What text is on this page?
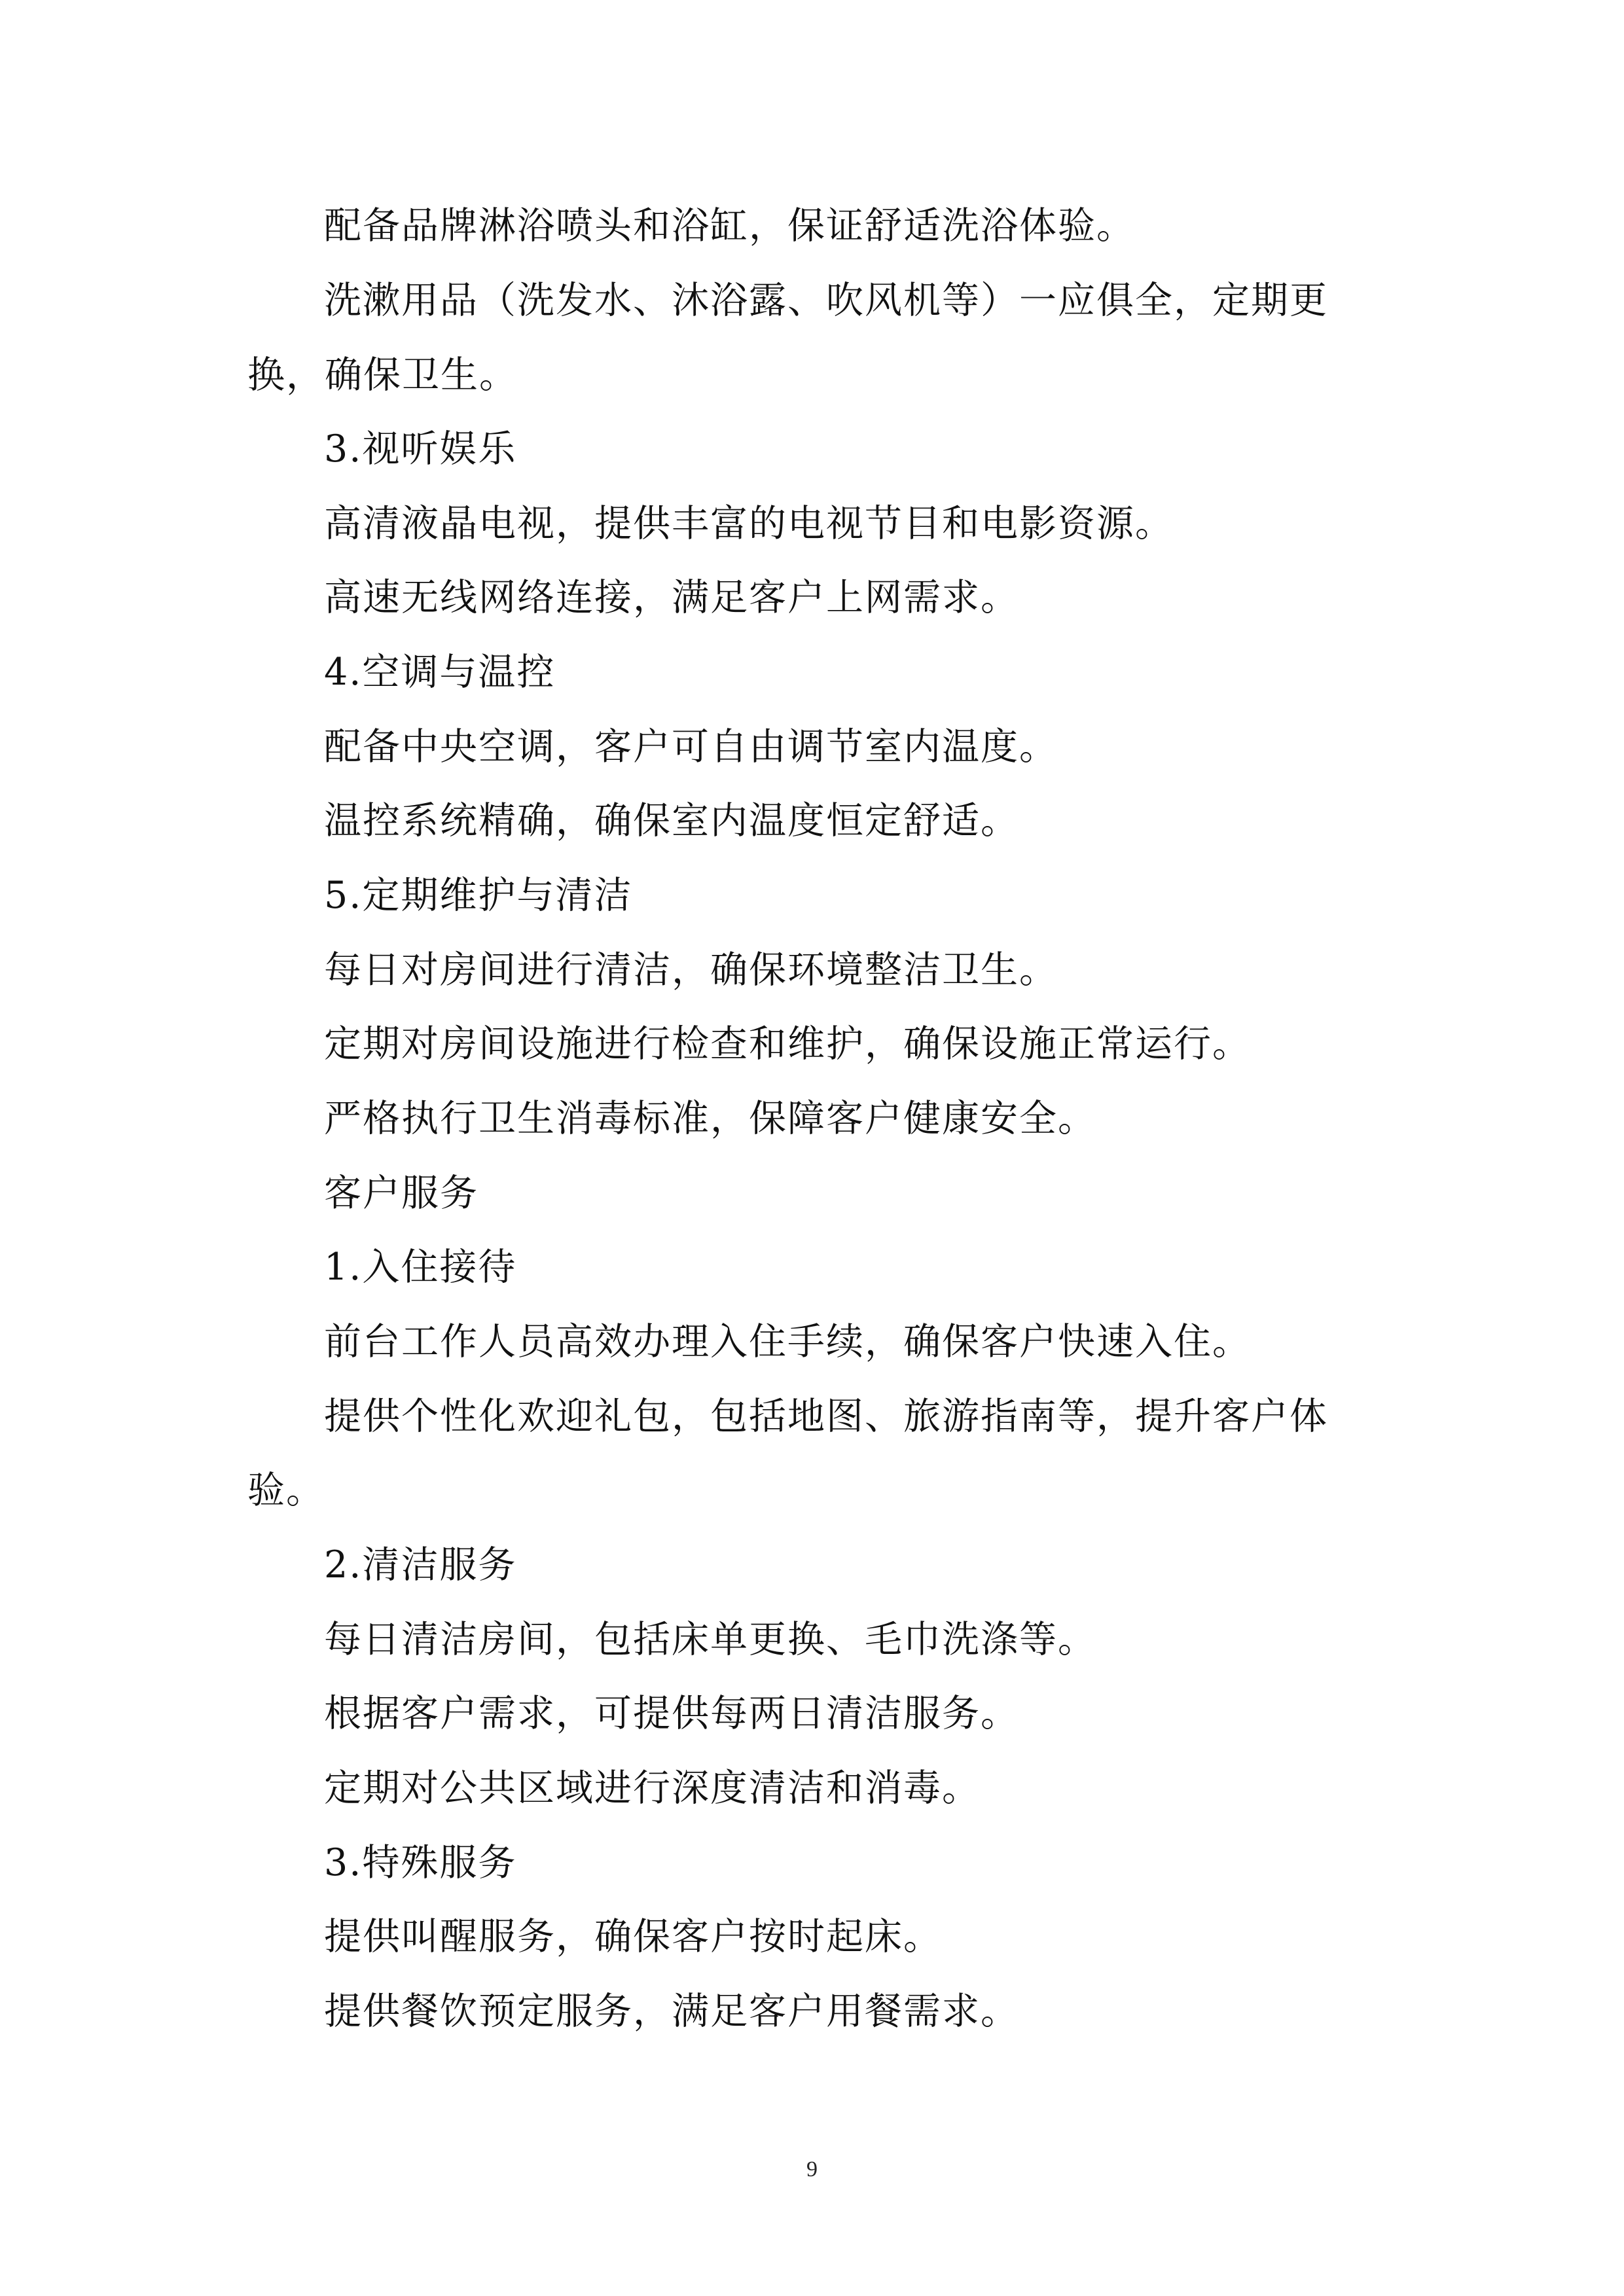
配备品牌淋浴喷头和浴缸，保证舒适洗浴体验。
洗漱用品（洗发水、沐浴露、吹风机等）一应俱全，定期更
换，确保卫生。
3.视听娱乐
高清液晶电视，提供丰富的电视节目和电影资源。
高速无线网络连接，满足客户上网需求。
4.空调与温控
配备中央空调，客户可自由调节室内温度。
温控系统精确，确保室内温度恒定舒适。
5.定期维护与清洁
每日对房间进行清洁，确保环境整洁卫生。
定期对房间设施进行检查和维护，确保设施正常运行。
严格执行卫生消毒标准，保障客户健康安全。
客户服务
1.入住接待
前台工作人员高效办理入住手续，确保客户快速入住。
提供个性化欢迎礼包，包括地图、旅游指南等，提升客户体
验。
2.清洁服务
每日清洁房间，包括床单更换、毛巾洗涤等。
根据客户需求，可提供每两日清洁服务。
定期对公共区域进行深度清洁和消毒。
3.特殊服务
提供叫醒服务，确保客户按时起床。
提供餐饮预定服务，满足客户用餐需求。
9
